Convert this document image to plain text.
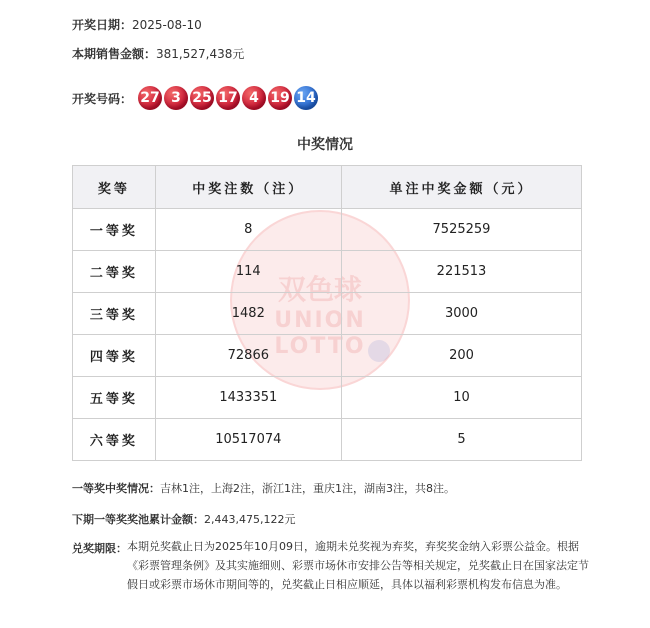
开奖日期：2025-08-10
本期销售金额：381,527,438元
开奖号码： 27 3 25 17 4 19 14
中奖情况
双色球
UNION
LOTTO
奖等	中奖注数（注）	单注中奖金额（元）
一等奖	8	7525259
二等奖	114	221513
三等奖	1482	3000
四等奖	72866	200
五等奖	1433351	10
六等奖	10517074	5
一等奖中奖情况：吉林1注，上海2注，浙江1注，重庆1注，湖南3注，共8注。
下期一等奖奖池累计金额：2,443,475,122元
兑奖期限： 本期兑奖截止日为2025年10月09日，逾期未兑奖视为弃奖，弃奖奖金纳入彩票公益金。根据《彩票管理条例》及其实施细则、彩票市场休市安排公告等相关规定，兑奖截止日在国家法定节假日或彩票市场休市期间等的，兑奖截止日相应顺延，具体以福利彩票机构发布信息为准。
